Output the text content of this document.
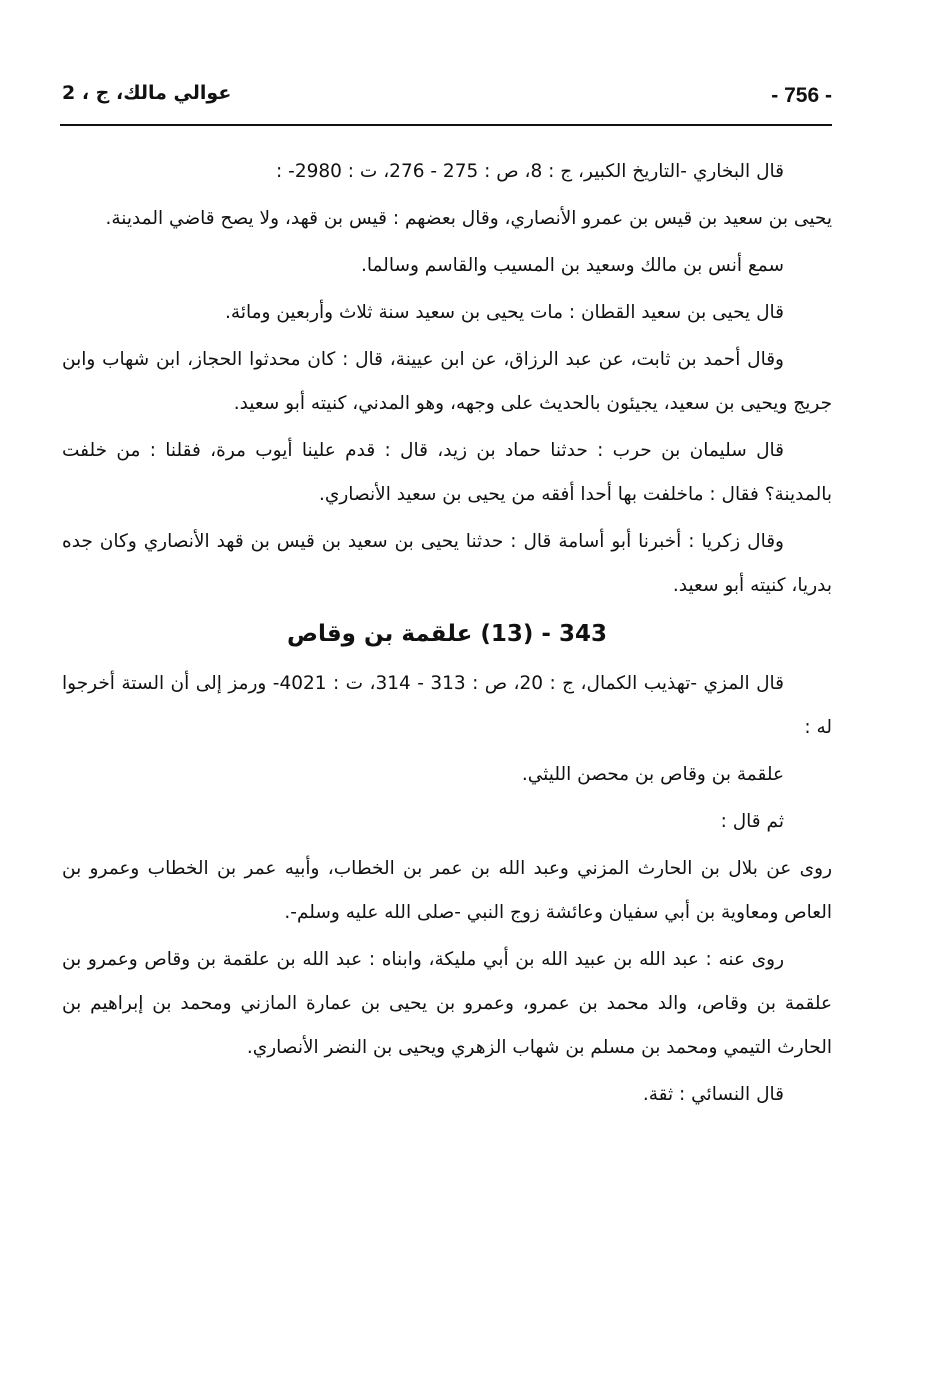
- 756 -
عوالي مالك، ج ، 2

قال البخاري -التاريخ الكبير، ج : 8، ص : 275 - 276، ت : 2980- :

يحيى بن سعيد بن قيس بن عمرو الأنصاري، وقال بعضهم : قيس بن قهد، ولا يصح قاضي المدينة.

سمع أنس بن مالك وسعيد بن المسيب والقاسم وسالما.

قال يحيى بن سعيد القطان : مات يحيى بن سعيد سنة ثلاث وأربعين ومائة.

وقال أحمد بن ثابت، عن عبد الرزاق، عن ابن عيينة، قال : كان محدثوا الحجاز، ابن شهاب وابن جريج ويحيى بن سعيد، يجيئون بالحديث على وجهه، وهو المدني، كنيته أبو سعيد.

قال سليمان بن حرب : حدثنا حماد بن زيد، قال : قدم علينا أيوب مرة، فقلنا : من خلفت بالمدينة؟ فقال : ماخلفت بها أحدا أفقه من يحيى بن سعيد الأنصاري.

وقال زكريا : أخبرنا أبو أسامة قال : حدثنا يحيى بن سعيد بن قيس بن قهد الأنصاري وكان جده بدريا، كنيته أبو سعيد.

343 - (13) علقمة بن وقاص

قال المزي -تهذيب الكمال، ج : 20، ص : 313 - 314، ت : 4021- ورمز إلى أن الستة أخرجوا له :

علقمة بن وقاص بن محصن الليثي.

ثم قال :

روى عن بلال بن الحارث المزني وعبد الله بن عمر بن الخطاب، وأبيه عمر بن الخطاب وعمرو بن العاص ومعاوية بن أبي سفيان وعائشة زوج النبي -صلى الله عليه وسلم-.

روى عنه : عبد الله بن عبيد الله بن أبي مليكة، وابناه : عبد الله بن علقمة بن وقاص وعمرو بن علقمة بن وقاص، والد محمد بن عمرو، وعمرو بن يحيى بن عمارة المازني ومحمد بن إبراهيم بن الحارث التيمي ومحمد بن مسلم بن شهاب الزهري ويحيى بن النضر الأنصاري.

قال النسائي : ثقة.
